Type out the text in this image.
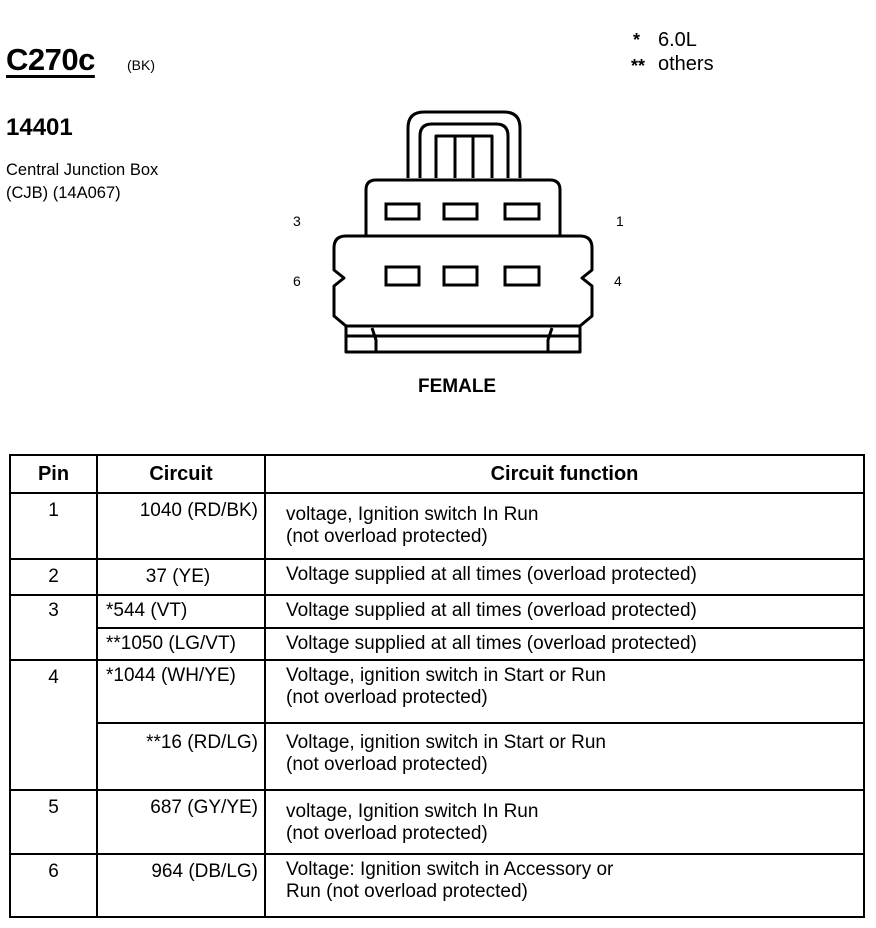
C270c (BK)
14401
Central Junction Box
(CJB) (14A067)
* 6.0L
** others
3	1
6	4
FEMALE
Pin	Circuit	Circuit function
1	1040 (RD/BK)	voltage, Ignition switch In Run
(not overload protected)

2	37 (YE)	Voltage supplied at all times (overload protected)

3	*544 (VT)	Voltage supplied at all times (overload protected)

	**1050 (LG/VT)	Voltage supplied at all times (overload protected)

4	*1044 (WH/YE)	Voltage, ignition switch in Start or Run
(not overload protected)

	**16 (RD/LG)	Voltage, ignition switch in Start or Run
(not overload protected)

5	687 (GY/YE)	voltage, Ignition switch In Run
(not overload protected)

6	964 (DB/LG)	Voltage: Ignition switch in Accessory or
Run (not overload protected)
